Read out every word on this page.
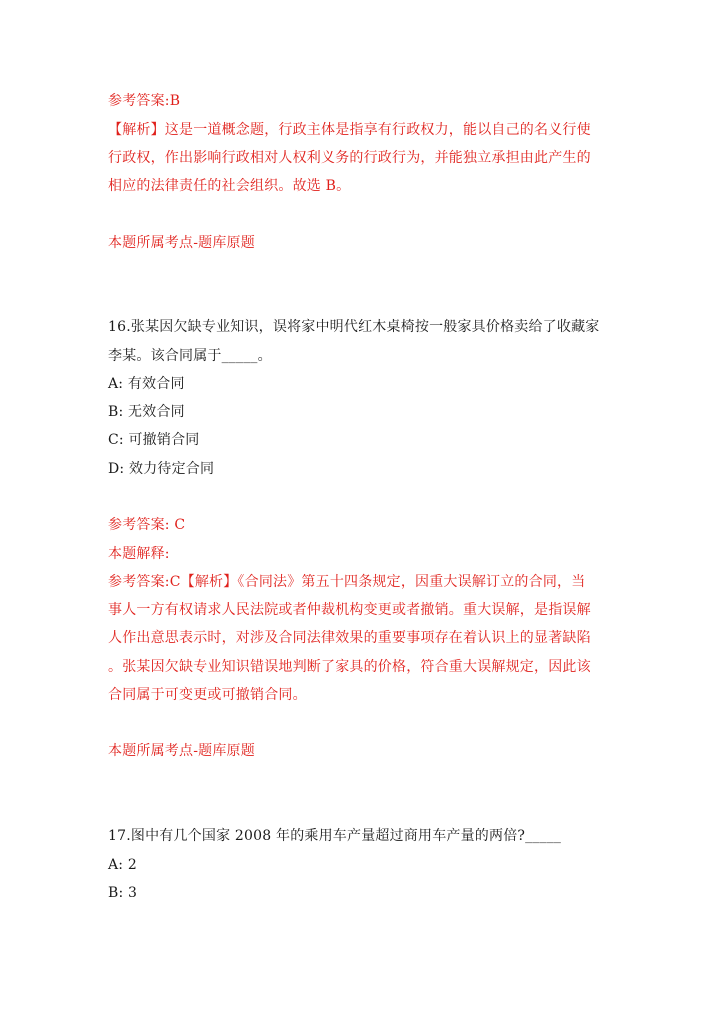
参考答案:B
【解析】这是一道概念题，行政主体是指享有行政权力，能以自己的名义行使
行政权，作出影响行政相对人权利义务的行政行为，并能独立承担由此产生的
相应的法律责任的社会组织。故选 B。
本题所属考点-题库原题
16.张某因欠缺专业知识，误将家中明代红木桌椅按一般家具价格卖给了收藏家
李某。该合同属于_____。
A: 有效合同
B: 无效合同
C: 可撤销合同
D: 效力待定合同
参考答案: C
本题解释:
参考答案:C【解析】《合同法》第五十四条规定，因重大误解订立的合同，当
事人一方有权请求人民法院或者仲裁机构变更或者撤销。重大误解，是指误解
人作出意思表示时，对涉及合同法律效果的重要事项存在着认识上的显著缺陷
。张某因欠缺专业知识错误地判断了家具的价格，符合重大误解规定，因此该
合同属于可变更或可撤销合同。
本题所属考点-题库原题
17.图中有几个国家 2008 年的乘用车产量超过商用车产量的两倍?_____
A: 2
B: 3
